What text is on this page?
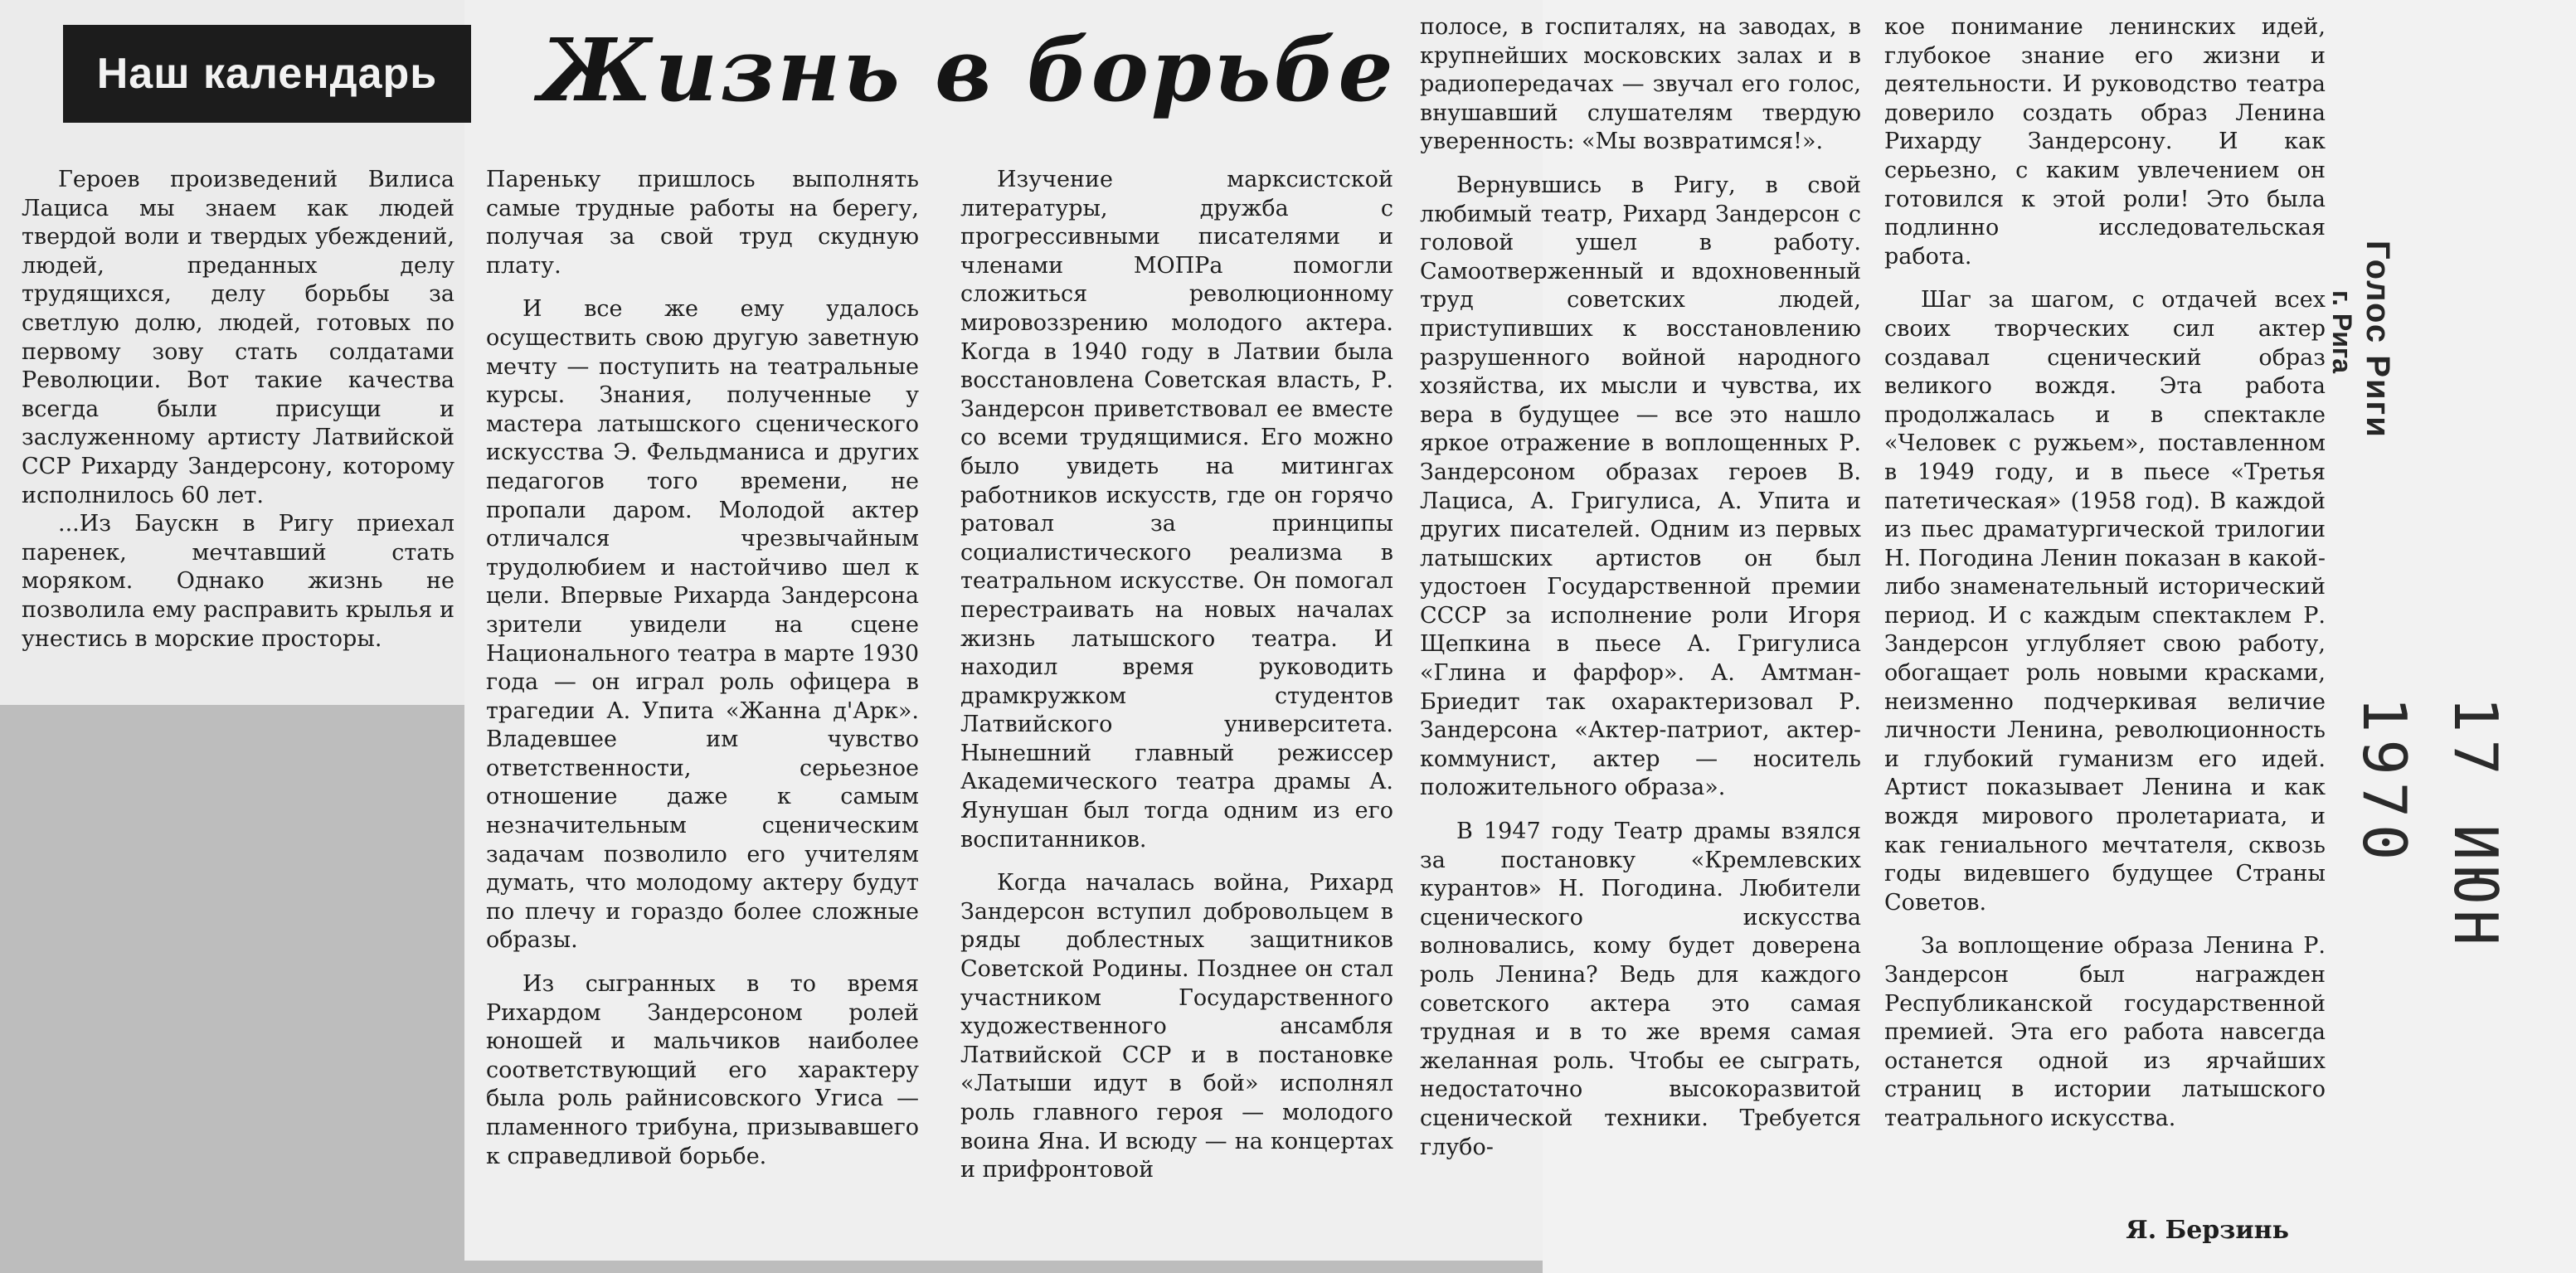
Наш календарь	Жизнь в борьбе

Героев произведений Вилиса Лациса мы знаем как людей твердой воли и твердых убеждений, людей, преданных делу трудящихся, делу борьбы за светлую долю, людей, готовых по первому зову стать солдатами Революции. Вот такие качества всегда были присущи и заслуженному артисту Латвийской ССР Рихарду Зандерсону, которому исполнилось 60 лет.

...Из Баускн в Ригу приехал паренек, мечтавший стать моряком. Однако жизнь не позволила ему расправить крылья и унестись в морские просторы.

Пареньку пришлось выполнять самые трудные работы на берегу, получая за свой труд скудную плату.

И все же ему удалось осуществить свою другую заветную мечту — поступить на театральные курсы. Знания, полученные у мастера латышского сценического искусства Э. Фельдманиса и других педагогов того времени, не пропали даром. Молодой актер отличался чрезвычайным трудолюбием и настойчиво шел к цели. Впервые Рихарда Зандерсона зрители увидели на сцене Национального театра в марте 1930 года — он играл роль офицера в трагедии А. Упита «Жанна д'Арк». Владевшее им чувство ответственности, серьезное отношение даже к самым незначительным сценическим задачам позволило его учителям думать, что молодому актеру будут по плечу и гораздо более сложные образы.

Из сыгранных в то время Рихардом Зандерсоном ролей юношей и мальчиков наиболее соответствующий его характеру была роль райнисовского Угиса — пламенного трибуна, призывавшего к справедливой борьбе.

Изучение марксистской литературы, дружба с прогрессивными писателями и членами МОПРа помогли сложиться революционному мировоззрению молодого актера. Когда в 1940 году в Латвии была восстановлена Советская власть, Р. Зандерсон приветствовал ее вместе со всеми трудящимися. Его можно было увидеть на митингах работников искусств, где он горячо ратовал за принципы социалистического реализма в театральном искусстве. Он помогал перестраивать на новых началах жизнь латышского театра. И находил время руководить драмкружком студентов Латвийского университета. Нынешний главный режиссер Академического театра драмы А. Яунушан был тогда одним из его воспитанников.

Когда началась война, Рихард Зандерсон вступил добровольцем в ряды доблестных защитников Советской Родины. Позднее он стал участником Государственного художественного ансамбля Латвийской ССР и в постановке «Латыши идут в бой» исполнял роль главного героя — молодого воина Яна. И всюду — на концертах и прифронтовой

полосе, в госпиталях, на заводах, в крупнейших московских залах и в радиопередачах — звучал его голос, внушавший слушателям твердую уверенность: «Мы возвратимся!».

Вернувшись в Ригу, в свой любимый театр, Рихард Зандерсон с головой ушел в работу. Самоотверженный и вдохновенный труд советских людей, приступивших к восстановлению разрушенного войной народного хозяйства, их мысли и чувства, их вера в будущее — все это нашло яркое отражение в воплощенных Р. Зандерсоном образах героев В. Лациса, А. Григулиса, А. Упита и других писателей. Одним из первых латышских артистов он был удостоен Государственной премии СССР за исполнение роли Игоря Щепкина в пьесе А. Григулиса «Глина и фарфор». А. Амтман-Бриедит так охарактеризовал Р. Зандерсона «Актер-патриот, актер-коммунист, актер — носитель положительного образа».

В 1947 году Театр драмы взялся за постановку «Кремлевских курантов» Н. Погодина. Любители сценического искусства волновались, кому будет доверена роль Ленина? Ведь для каждого советского актера это самая трудная и в то же время самая желанная роль. Чтобы ее сыграть, недостаточно высокоразвитой сценической техники. Требуется глубо-

кое понимание ленинских идей, глубокое знание его жизни и деятельности. И руководство театра доверило создать образ Ленина Рихарду Зандерсону. И как серьезно, с каким увлечением он готовился к этой роли! Это была подлинно исследовательская работа.

Шаг за шагом, с отдачей всех своих творческих сил актер создавал сценический образ великого вождя. Эта работа продолжалась и в спектакле «Человек с ружьем», поставленном в 1949 году, и в пьесе «Третья патетическая» (1958 год). В каждой из пьес драматургической трилогии Н. Погодина Ленин показан в какой-либо знаменательный исторический период. И с каждым спектаклем Р. Зандерсон углубляет свою работу, обогащает роль новыми красками, неизменно подчеркивая величие личности Ленина, революционность и глубокий гуманизм его идей. Артист показывает Ленина и как вождя мирового пролетариата, и как гениального мечтателя, сквозь годы видевшего будущее Страны Советов.

За воплощение образа Ленина Р. Зандерсон был награжден Республиканской государственной премией. Эта его работа навсегда останется одной из ярчайших страниц в истории латышского театрального искусства.

Я. Берзинь
Голос Риги
г. Рига
17 ИЮН 1970
